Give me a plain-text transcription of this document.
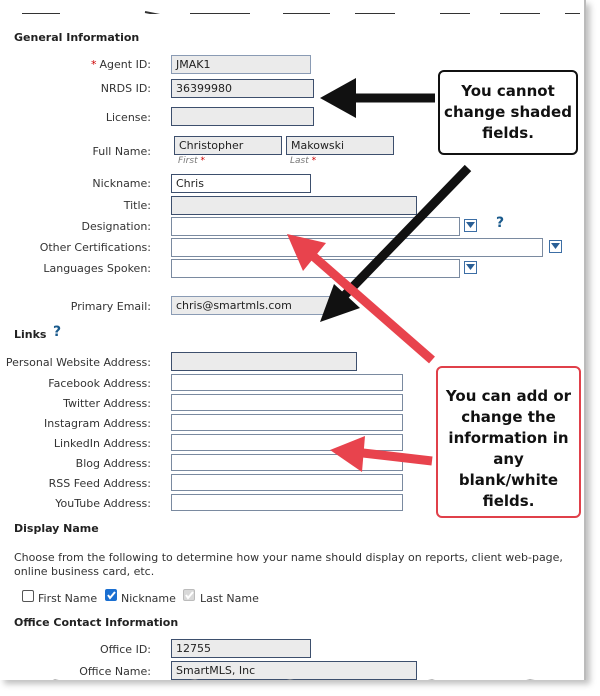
General Information
* Agent ID:	JMAK1
NRDS ID:	36399980
License:
Full Name:	Christopher	Makowski
First *	Last *
Nickname:	Chris
Title:
Designation:	?
Other Certifications:
Languages Spoken:
Primary Email:	chris@smartmls.com
Links ?
Personal Website Address:
Facebook Address:
Twitter Address:
Instagram Address:
LinkedIn Address:
Blog Address:
RSS Feed Address:
YouTube Address:
Display Name
Choose from the following to determine how your name should display on reports, client web-page, online business card, etc.
First Name Nickname Last Name
Office Contact Information
Office ID:	12755
Office Name:	SmartMLS, Inc
You cannot change shaded fields.
You can add or change the information in any blank/white fields.
